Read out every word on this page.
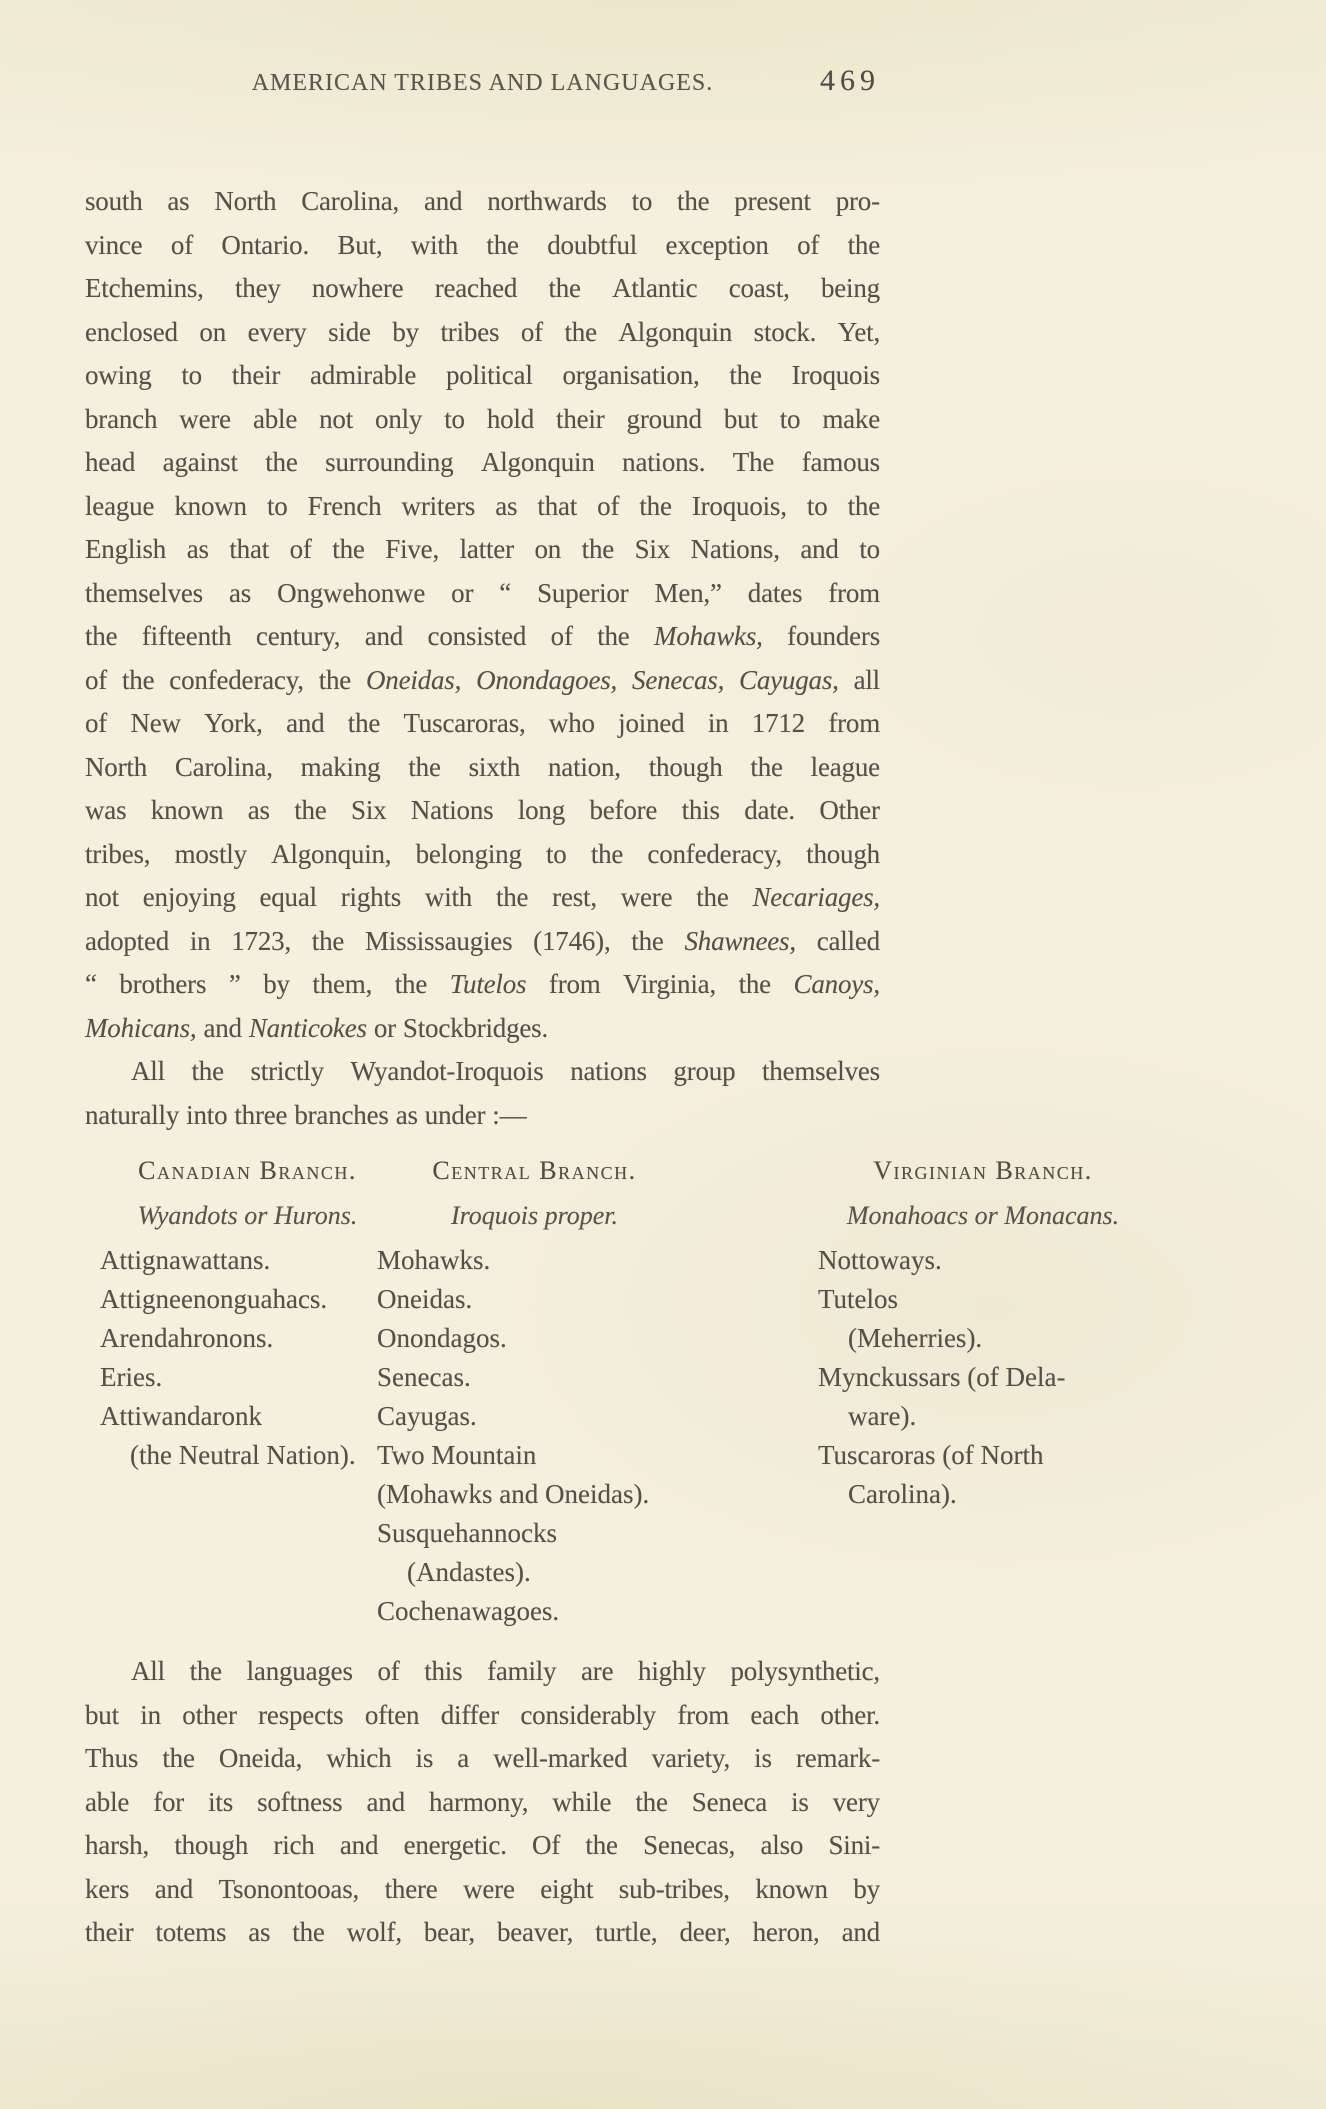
AMERICAN TRIBES AND LANGUAGES.	469
south as North Carolina, and northwards to the present pro-
vince of Ontario. But, with the doubtful exception of the
Etchemins, they nowhere reached the Atlantic coast, being
enclosed on every side by tribes of the Algonquin stock. Yet,
owing to their admirable political organisation, the Iroquois
branch were able not only to hold their ground but to make
head against the surrounding Algonquin nations. The famous
league known to French writers as that of the Iroquois, to the
English as that of the Five, latter on the Six Nations, and to
themselves as Ongwehonwe or “ Superior Men,” dates from
the fifteenth century, and consisted of the Mohawks, founders
of the confederacy, the Oneidas, Onondagoes, Senecas, Cayugas, all
of New York, and the Tuscaroras, who joined in 1712 from
North Carolina, making the sixth nation, though the league
was known as the Six Nations long before this date. Other
tribes, mostly Algonquin, belonging to the confederacy, though
not enjoying equal rights with the rest, were the Necariages,
adopted in 1723, the Mississaugies (1746), the Shawnees, called
“ brothers ” by them, the Tutelos from Virginia, the Canoys,
Mohicans, and Nanticokes or Stockbridges.
All the strictly Wyandot-Iroquois nations group themselves
naturally into three branches as under :—
Canadian Branch.
Wyandots or Hurons.
Attignawattans.
Attigneenonguahacs.
Arendahronons.
Eries.
Attiwandaronk
(the Neutral Nation).
Central Branch.
Iroquois proper.
Mohawks.
Oneidas.
Onondagos.
Senecas.
Cayugas.
Two Mountain
(Mohawks and Oneidas).
Susquehannocks
(Andastes).
Cochenawagoes.
Virginian Branch.
Monahoacs or Monacans.
Nottoways.
Tutelos
(Meherries).
Mynckussars (of Dela-
ware).
Tuscaroras (of North
Carolina).
All the languages of this family are highly polysynthetic,
but in other respects often differ considerably from each other.
Thus the Oneida, which is a well-marked variety, is remark-
able for its softness and harmony, while the Seneca is very
harsh, though rich and energetic. Of the Senecas, also Sini-
kers and Tsonontooas, there were eight sub-tribes, known by
their totems as the wolf, bear, beaver, turtle, deer, heron, and
